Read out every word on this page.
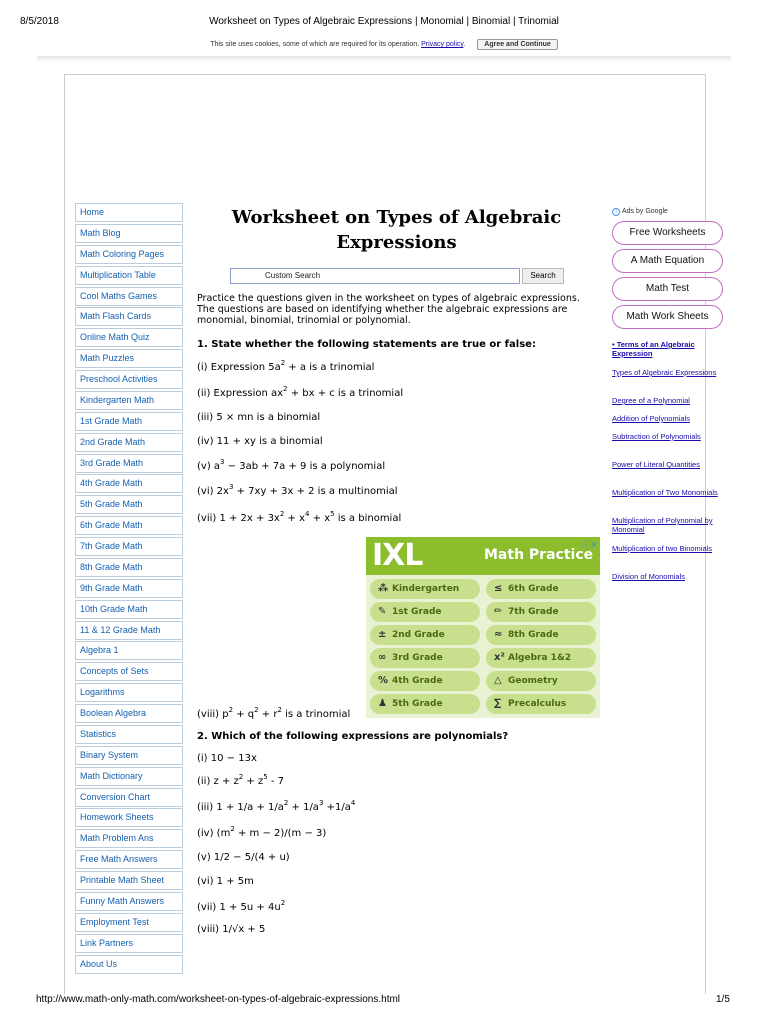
8/5/2018	Worksheet on Types of Algebraic Expressions | Monomial | Binomial | Trinomial
This site uses cookies, some of which are required for its operation. Privacy policy. Agree and Continue
Home
Math Blog
Math Coloring Pages
Multiplication Table
Cool Maths Games
Math Flash Cards
Online Math Quiz
Math Puzzles
Preschool Activities
Kindergarten Math
1st Grade Math
2nd Grade Math
3rd Grade Math
4th Grade Math
5th Grade Math
6th Grade Math
7th Grade Math
8th Grade Math
9th Grade Math
10th Grade Math
11 & 12 Grade Math
Algebra 1
Concepts of Sets
Logarithms
Boolean Algebra
Statistics
Binary System
Math Dictionary
Conversion Chart
Homework Sheets
Math Problem Ans
Free Math Answers
Printable Math Sheet
Funny Math Answers
Employment Test
Link Partners
About Us
Worksheet on Types of Algebraic
Expressions
Custom Search	Search

Practice the questions given in the worksheet on types of algebraic expressions. The questions are based on identifying whether the algebraic expressions are monomial, binomial, trinomial or polynomial.

1. State whether the following statements are true or false:
(i) Expression $5a^2 + a$ is a trinomial
(ii) Expression $ax^2$ + bx + c is a trinomial
(iii) 5 × mn is a binomial
(iv) 11 + xy is a binomial
(v) $a^3 - 3ab + 7a + 9$ is a polynomial
(vi) $2x^3 + 7xy + 3x + 2$ is a multinomial
(vii) $1 + 2x + 3x^2 + x^4 + x^5$ is a binomial
(viii) $p^2 + q^2 + r^2$ is a trinomial
2. Which of the following expressions are polynomials?
(i) 10 − 13x
(ii) $z + z^2 + z^5 - 7$
(iii) $1 + 1/a + 1/a^2 + 1/a^3 +1/a^4$
(iv) $(m^2 + m - 2)/(m - 3)$
(v) 1/2 − 5/(4 + u)
(vi) 1 + 5m
(vii) $1 + 5u + 4u^2$
(viii) 1/√x + 5
IXL	Math Practice
ⓘ✕
⁂ Kindergarten
✎ 1st Grade
± 2nd Grade
∞ 3rd Grade
% 4th Grade
♟ 5th Grade
≤ 6th Grade
✏ 7th Grade
≈ 8th Grade
x² Algebra 1&2
△ Geometry
∑ Precalculus
i Ads by Google
Free Worksheets
A Math Equation
Math Test
Math Work Sheets
• Terms of an Algebraic Expression
Types of Algebraic Expressions
Degree of a Polynomial
Addition of Polynomials
Subtraction of Polynomials
Power of Literal Quantities
Multiplication of Two Monomials
Multiplication of Polynomial by Monomial
Multiplication of two Binomials
Division of Monomials
http://www.math-only-math.com/worksheet-on-types-of-algebraic-expressions.html	1/5
